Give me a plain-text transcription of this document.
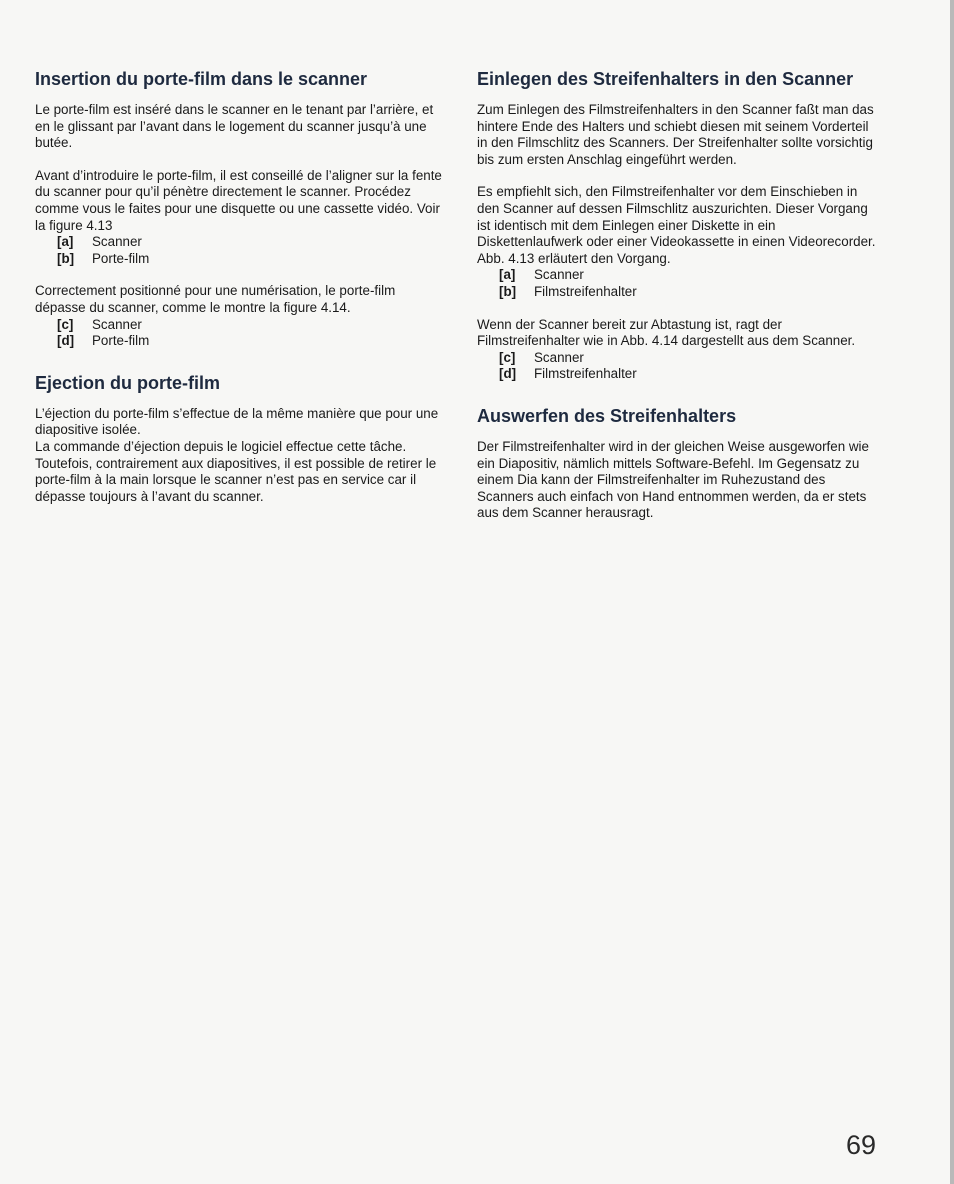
Insertion du porte-film dans le scanner

Le porte-film est inséré dans le scanner en le tenant par l’arrière, et en le glissant par l’avant dans le logement du scanner jusqu’à une butée.

Avant d’introduire le porte-film, il est conseillé de l’aligner sur la fente du scanner pour qu’il pénètre directement le scanner. Procédez comme vous le faites pour une disquette ou une cassette vidéo. Voir la figure 4.13

[a] Scanner
[b] Porte-film

Correctement positionné pour une numérisation, le porte-film dépasse du scanner, comme le montre la figure 4.14.

[c] Scanner
[d] Porte-film
Ejection du porte-film

L’éjection du porte-film s’effectue de la même manière que pour une diapositive isolée.

La commande d’éjection depuis le logiciel effectue cette tâche. Toutefois, contrairement aux diapositives, il est possible de retirer le porte-film à la main lorsque le scanner n’est pas en service car il dépasse toujours à l’avant du scanner.

Einlegen des Streifenhalters in den Scanner

Zum Einlegen des Filmstreifenhalters in den Scanner faßt man das hintere Ende des Halters und schiebt diesen mit seinem Vorderteil in den Filmschlitz des Scanners. Der Streifenhalter sollte vorsichtig bis zum ersten Anschlag eingeführt werden.

Es empfiehlt sich, den Filmstreifenhalter vor dem Einschieben in den Scanner auf dessen Filmschlitz auszurichten. Dieser Vorgang ist identisch mit dem Einlegen einer Diskette in ein Diskettenlaufwerk oder einer Videokassette in einen Videorecorder. Abb. 4.13 erläutert den Vorgang.

[a] Scanner
[b] Filmstreifenhalter

Wenn der Scanner bereit zur Abtastung ist, ragt der Filmstreifenhalter wie in Abb. 4.14 dargestellt aus dem Scanner.

[c] Scanner
[d] Filmstreifenhalter
Auswerfen des Streifenhalters

Der Filmstreifenhalter wird in der gleichen Weise ausgeworfen wie ein Diapositiv, nämlich mittels Software-Befehl. Im Gegensatz zu einem Dia kann der Filmstreifenhalter im Ruhezustand des Scanners auch einfach von Hand entnommen werden, da er stets aus dem Scanner herausragt.

69
